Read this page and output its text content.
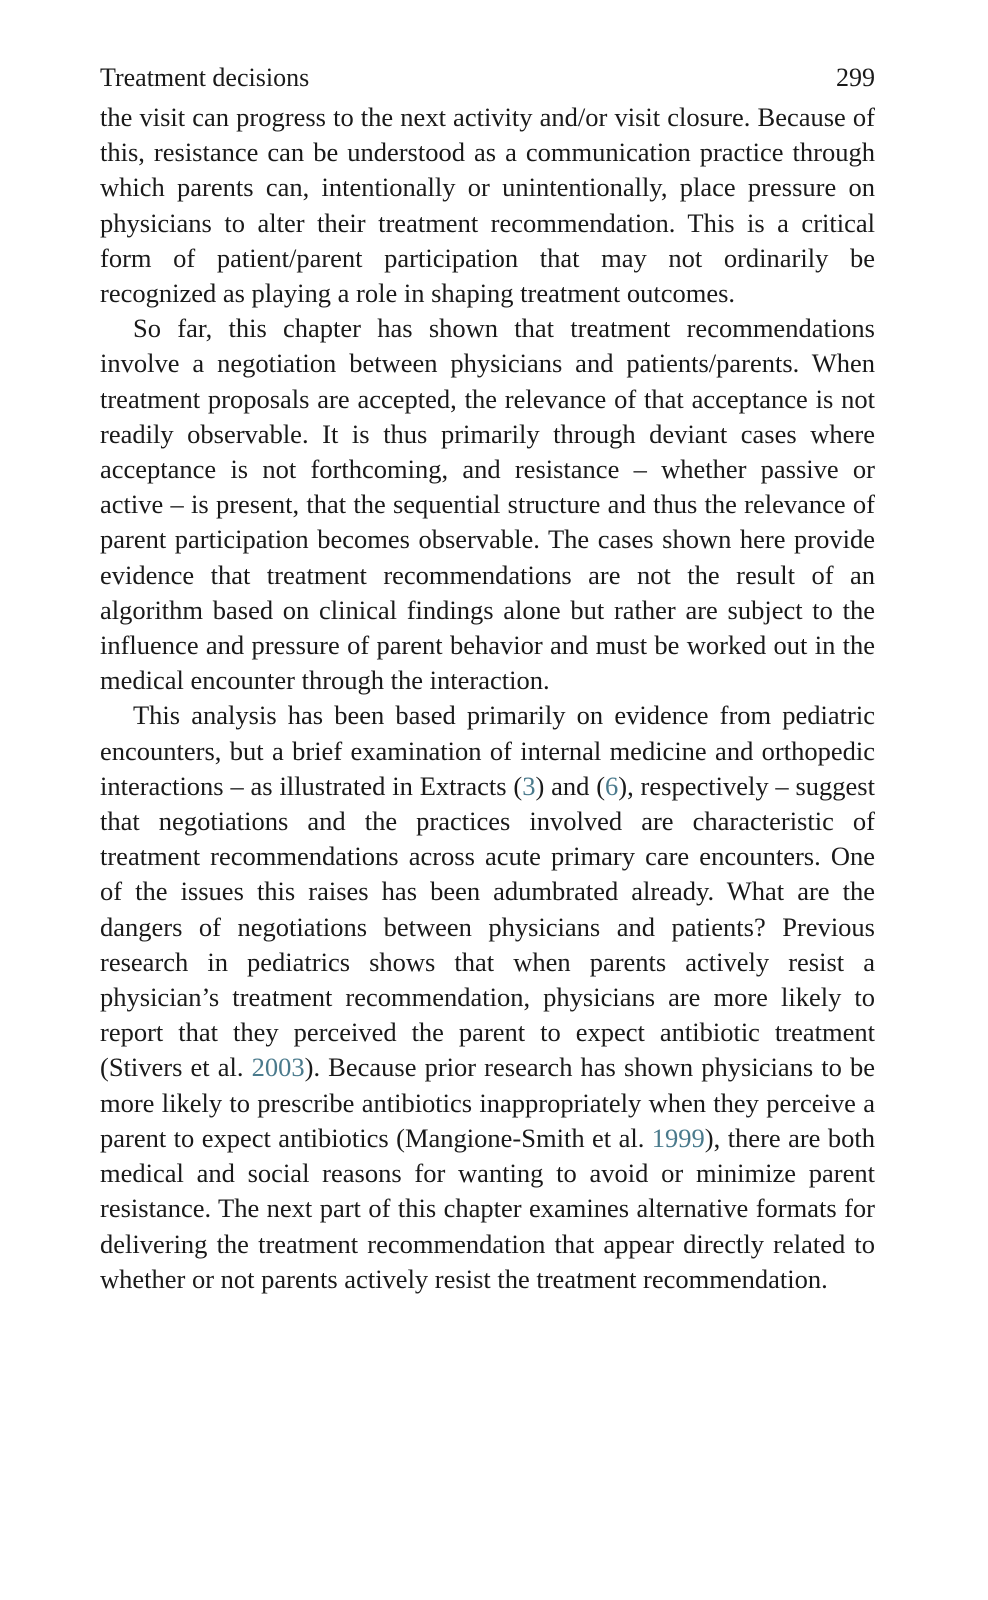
Treatment decisions	299

the visit can progress to the next activity and/or visit closure. Because of this, resistance can be understood as a communication practice through which parents can, intentionally or unintentionally, place pressure on physicians to alter their treatment recommendation. This is a critical form of patient/parent participation that may not ordinarily be recognized as playing a role in shaping treatment outcomes.

So far, this chapter has shown that treatment recommendations involve a negotiation between physicians and patients/parents. When treatment proposals are accepted, the relevance of that acceptance is not readily observable. It is thus primarily through deviant cases where acceptance is not forthcoming, and resistance – whether passive or active – is present, that the sequential structure and thus the relevance of parent participation becomes observable. The cases shown here provide evidence that treatment recommendations are not the result of an algorithm based on clinical findings alone but rather are subject to the influence and pressure of parent behavior and must be worked out in the medical encounter through the interaction.

This analysis has been based primarily on evidence from pediatric encounters, but a brief examination of internal medicine and orthopedic interactions – as illustrated in Extracts (3) and (6), respectively – suggest that negotiations and the practices involved are characteristic of treatment recommendations across acute primary care encounters. One of the issues this raises has been adumbrated already. What are the dangers of negotiations between physicians and patients? Previous research in pediatrics shows that when parents actively resist a physician’s treatment recommendation, physicians are more likely to report that they perceived the parent to expect antibiotic treatment (Stivers et al. 2003). Because prior research has shown physicians to be more likely to prescribe antibiotics inappropriately when they perceive a parent to expect antibiotics (Mangione-Smith et al. 1999), there are both medical and social reasons for wanting to avoid or minimize parent resistance. The next part of this chapter examines alternative formats for delivering the treatment recommendation that appear directly related to whether or not parents actively resist the treatment recommendation.
